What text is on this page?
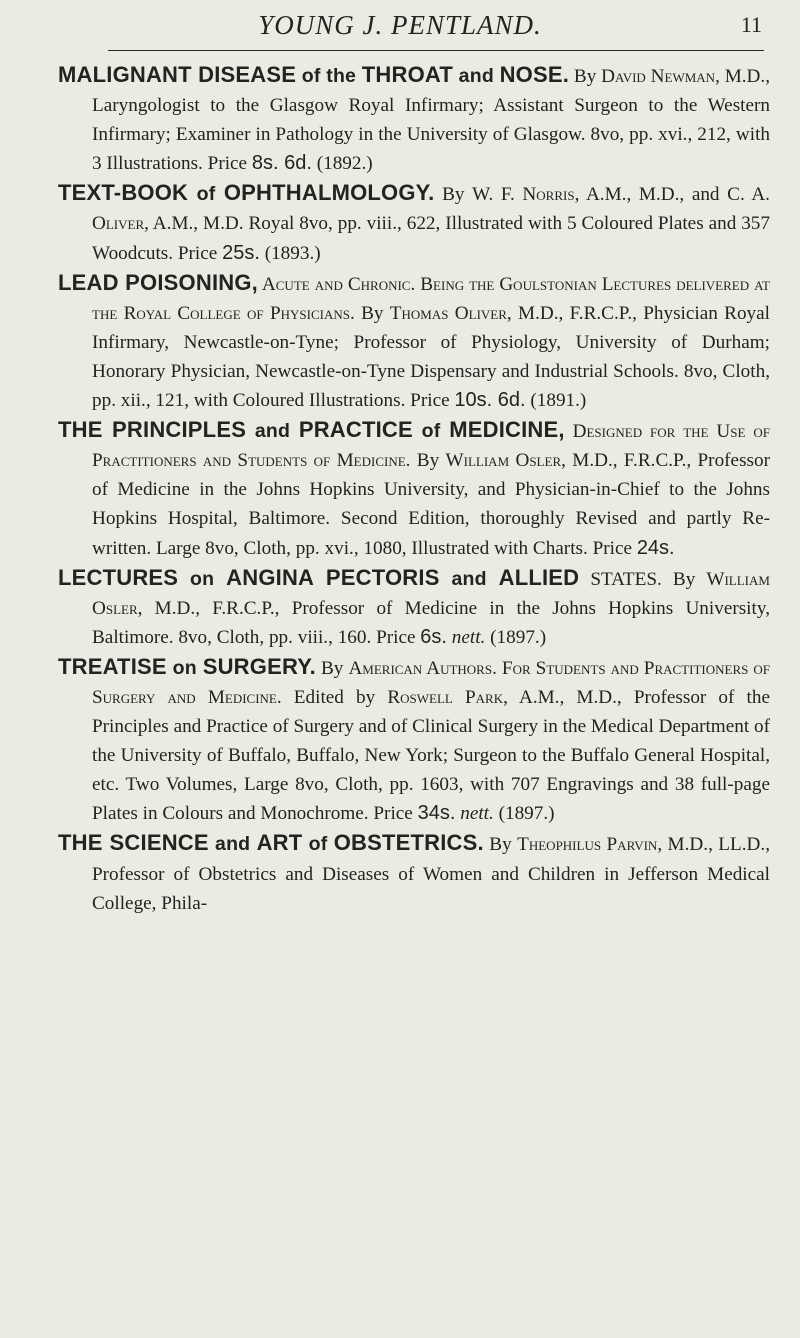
YOUNG J. PENTLAND.	11

MALIGNANT DISEASE of the THROAT and NOSE. By David Newman, M.D., Laryngologist to the Glasgow Royal Infirmary; Assistant Surgeon to the Western Infirmary; Examiner in Pathology in the University of Glasgow. 8vo, pp. xvi., 212, with 3 Illustrations. Price 8s. 6d. (1892.)

TEXT-BOOK of OPHTHALMOLOGY. By W. F. Norris, A.M., M.D., and C. A. Oliver, A.M., M.D. Royal 8vo, pp. viii., 622, Illustrated with 5 Coloured Plates and 357 Woodcuts. Price 25s. (1893.)

LEAD POISONING, Acute and Chronic. Being the Goulstonian Lectures delivered at the Royal College of Physicians. By Thomas Oliver, M.D., F.R.C.P., Physician Royal Infirmary, Newcastle-on-Tyne; Professor of Physiology, University of Durham; Honorary Physician, Newcastle-on-Tyne Dispensary and Industrial Schools. 8vo, Cloth, pp. xii., 121, with Coloured Illustrations. Price 10s. 6d. (1891.)

THE PRINCIPLES and PRACTICE of MEDICINE, Designed for the Use of Practitioners and Students of Medicine. By William Osler, M.D., F.R.C.P., Professor of Medicine in the Johns Hopkins University, and Physician-in-Chief to the Johns Hopkins Hospital, Baltimore. Second Edition, thoroughly Revised and partly Re-written. Large 8vo, Cloth, pp. xvi., 1080, Illustrated with Charts. Price 24s.

LECTURES on ANGINA PECTORIS and ALLIED STATES. By William Osler, M.D., F.R.C.P., Professor of Medicine in the Johns Hopkins University, Baltimore. 8vo, Cloth, pp. viii., 160. Price 6s. nett. (1897.)

TREATISE on SURGERY. By American Authors. For Students and Practitioners of Surgery and Medicine. Edited by Roswell Park, A.M., M.D., Professor of the Principles and Practice of Surgery and of Clinical Surgery in the Medical Department of the University of Buffalo, Buffalo, New York; Surgeon to the Buffalo General Hospital, etc. Two Volumes, Large 8vo, Cloth, pp. 1603, with 707 Engravings and 38 full-page Plates in Colours and Monochrome. Price 34s. nett. (1897.)

THE SCIENCE and ART of OBSTETRICS. By Theophilus Parvin, M.D., LL.D., Professor of Obstetrics and Diseases of Women and Children in Jefferson Medical College, Phila-
